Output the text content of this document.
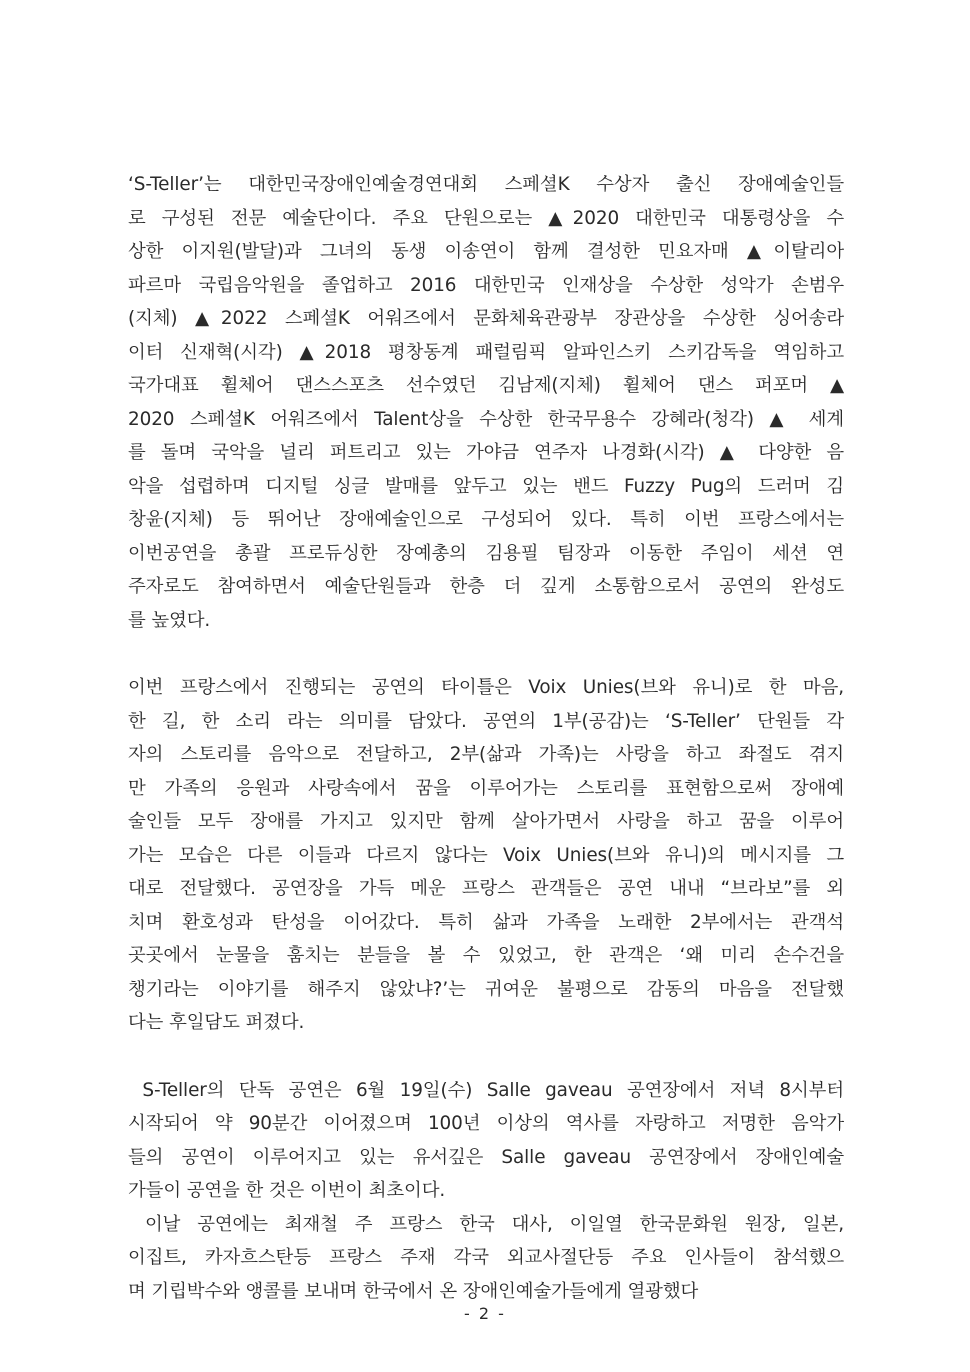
‘S-Teller’는 대한민국장애인예술경연대회 스페셜K 수상자 출신 장애예술인들
로 구성된 전문 예술단이다. 주요 단원으로는 ▲2020 대한민국 대통령상을 수
상한 이지원(발달)과 그녀의 동생 이송연이 함께 결성한 민요자매 ▲이탈리아
파르마 국립음악원을 졸업하고 2016 대한민국 인재상을 수상한 성악가 손범우
(지체) ▲2022 스페셜K 어워즈에서 문화체육관광부 장관상을 수상한 싱어송라
이터 신재혁(시각) ▲2018 평창동계 패럴림픽 알파인스키 스키감독을 역임하고
국가대표 휠체어 댄스스포츠 선수였던 김남제(지체) 휠체어 댄스 퍼포머 ▲
2020 스페셜K 어워즈에서 Talent상을 수상한 한국무용수 강혜라(청각) ▲ 세계
를 돌며 국악을 널리 퍼트리고 있는 가야금 연주자 나경화(시각) ▲ 다양한 음
악을 섭렵하며 디지털 싱글 발매를 앞두고 있는 밴드 Fuzzy Pug의 드러머 김
창윤(지체) 등 뛰어난 장애예술인으로 구성되어 있다. 특히 이번 프랑스에서는
이번공연을 총괄 프로듀싱한 장예총의 김용필 팀장과 이동한 주임이 세션 연
주자로도 참여하면서 예술단원들과 한층 더 깊게 소통함으로서 공연의 완성도
를 높였다.
이번 프랑스에서 진행되는 공연의 타이틀은 Voix Unies(브와 유니)로 한 마음,
한 길, 한 소리 라는 의미를 담았다. 공연의 1부(공감)는 ‘S-Teller’ 단원들 각
자의 스토리를 음악으로 전달하고, 2부(삶과 가족)는 사랑을 하고 좌절도 겪지
만 가족의 응원과 사랑속에서 꿈을 이루어가는 스토리를 표현함으로써 장애예
술인들 모두 장애를 가지고 있지만 함께 살아가면서 사랑을 하고 꿈을 이루어
가는 모습은 다른 이들과 다르지 않다는 Voix Unies(브와 유니)의 메시지를 그
대로 전달했다. 공연장을 가득 메운 프랑스 관객들은 공연 내내 “브라보”를 외
치며 환호성과 탄성을 이어갔다. 특히 삶과 가족을 노래한 2부에서는 관객석
곳곳에서 눈물을 훔치는 분들을 볼 수 있었고, 한 관객은 ‘왜 미리 손수건을
챙기라는 이야기를 해주지 않았냐?’는 귀여운 불평으로 감동의 마음을 전달했
다는 후일담도 퍼졌다.
S-Teller의 단독 공연은 6월 19일(수) Salle gaveau 공연장에서 저녁 8시부터
시작되어 약 90분간 이어졌으며 100년 이상의 역사를 자랑하고 저명한 음악가
들의 공연이 이루어지고 있는 유서깊은 Salle gaveau 공연장에서 장애인예술
가들이 공연을 한 것은 이번이 최초이다.
이날 공연에는 최재철 주 프랑스 한국 대사, 이일열 한국문화원 원장, 일본,
이집트, 카자흐스탄등 프랑스 주재 각국 외교사절단등 주요 인사들이 참석했으
며 기립박수와 앵콜를 보내며 한국에서 온 장애인예술가들에게 열광했다
- 2 -
